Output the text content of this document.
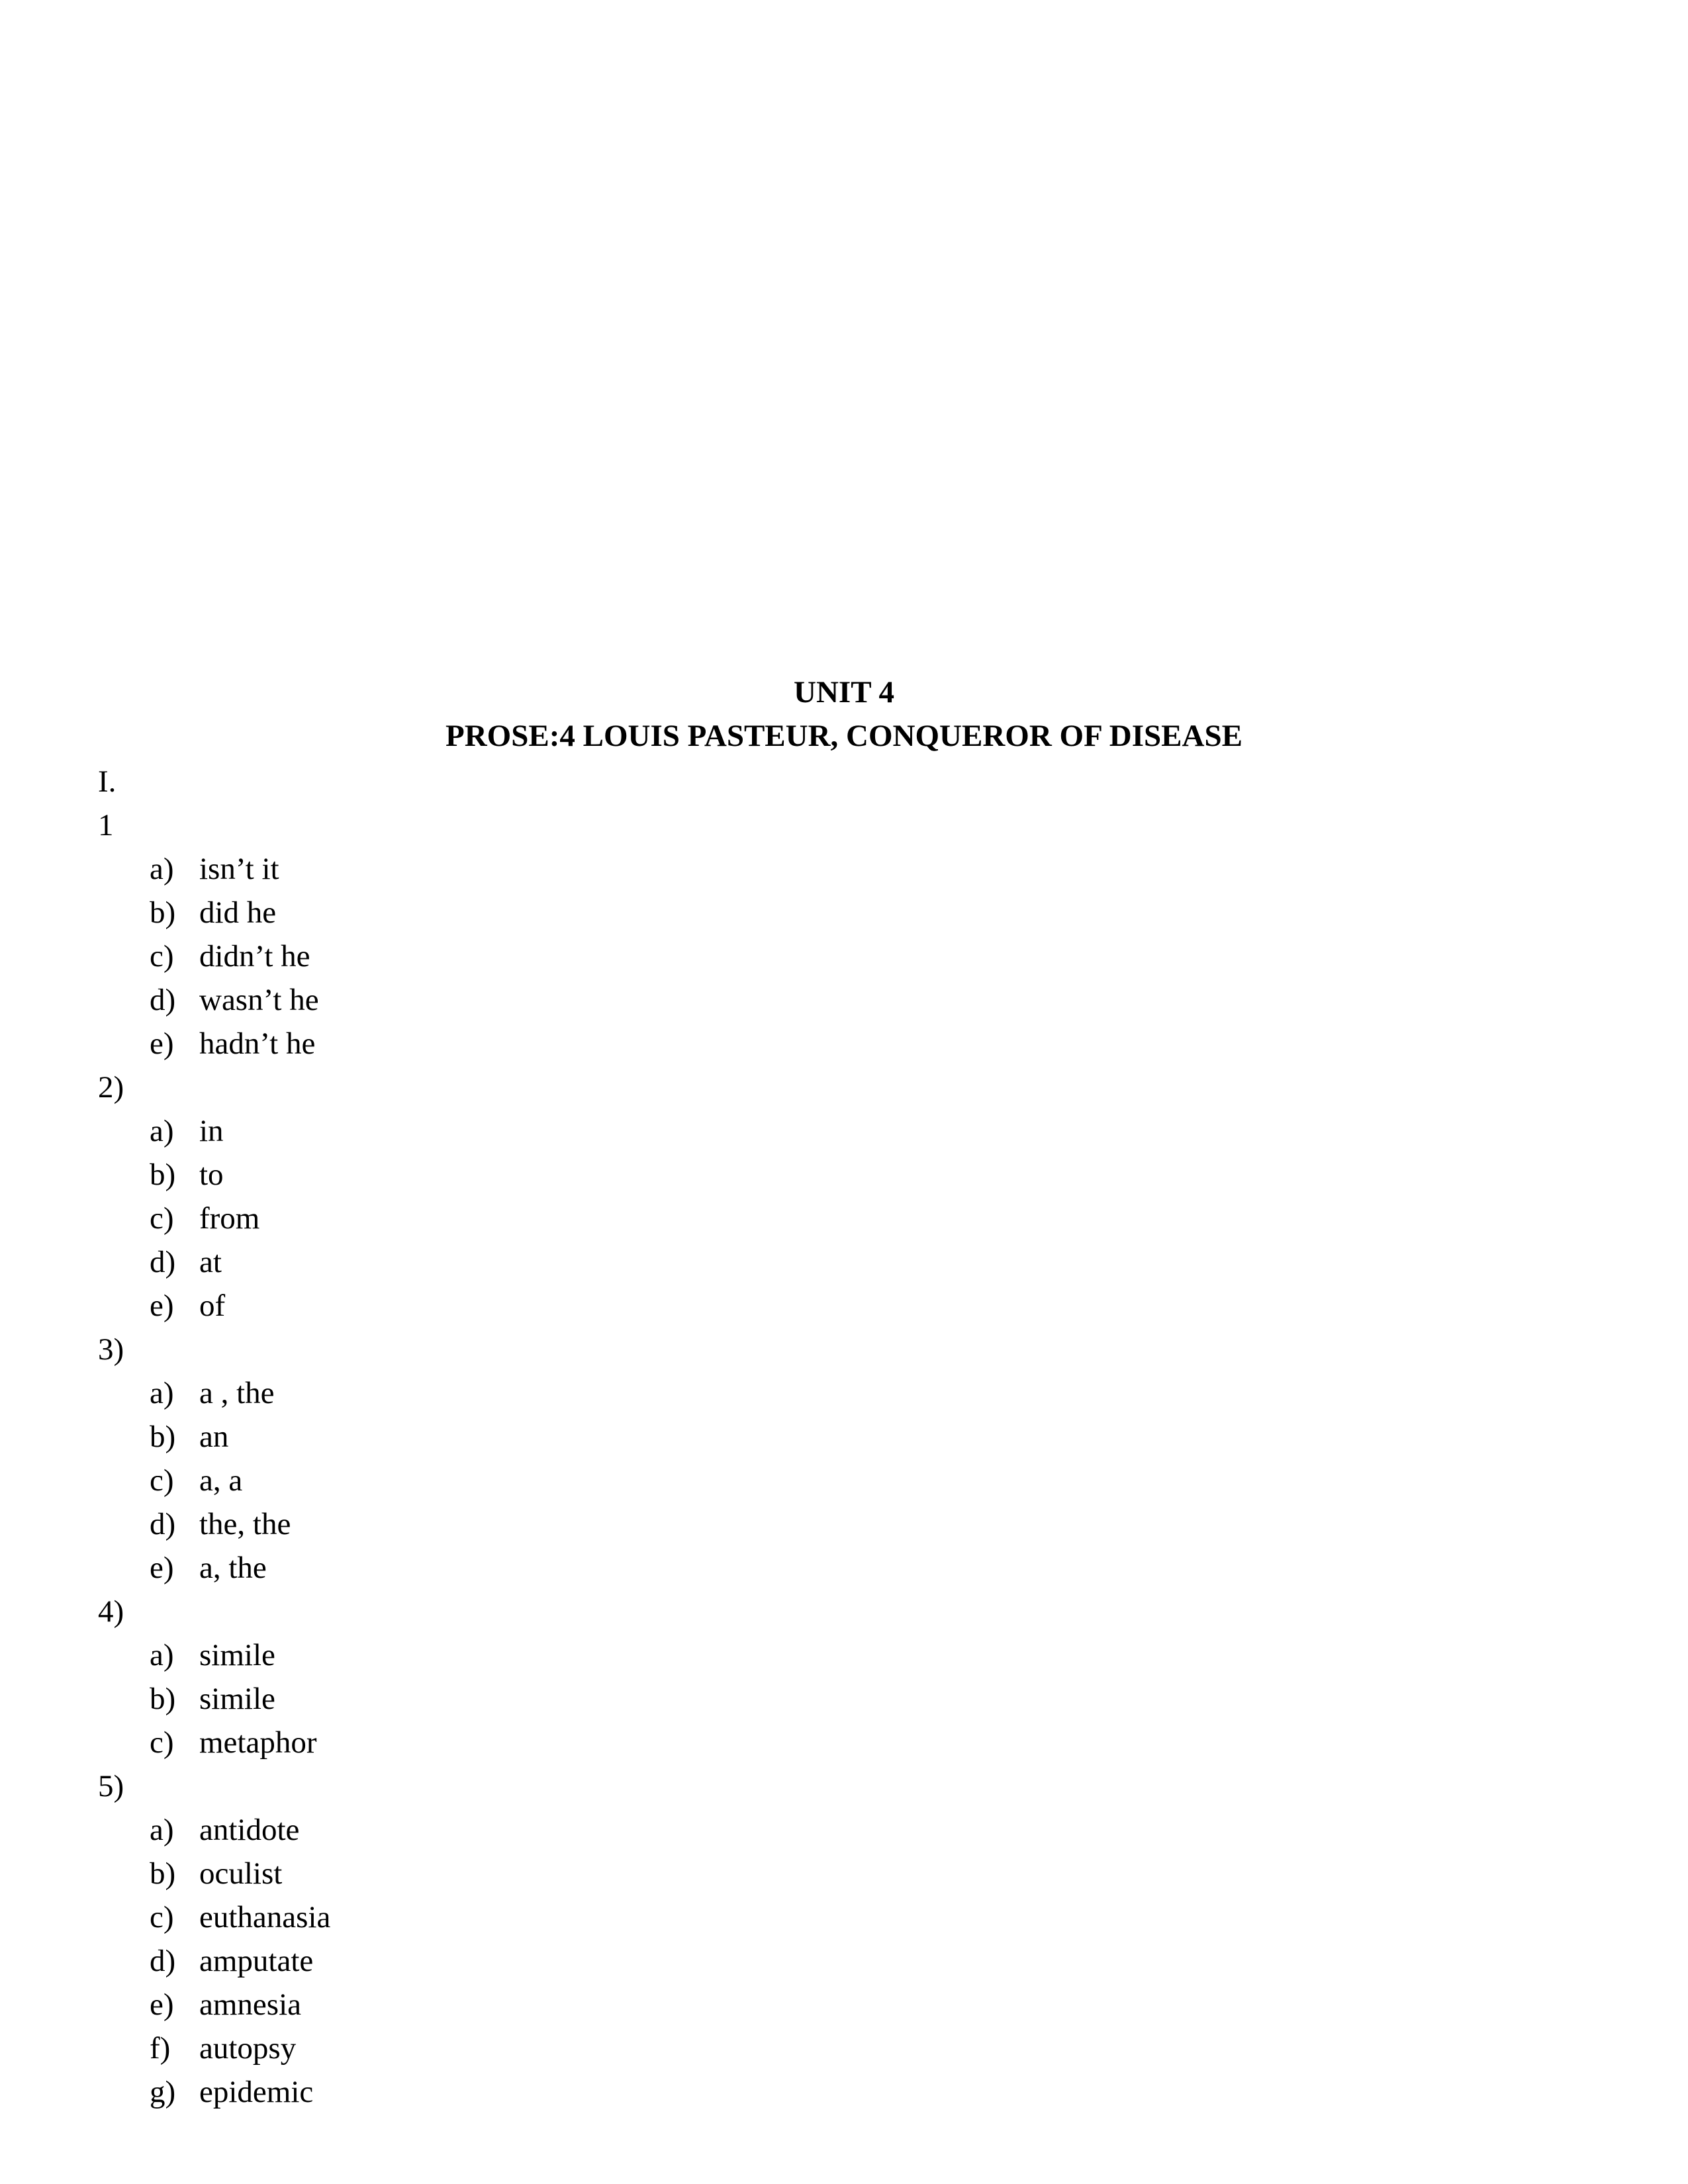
UNIT 4
PROSE:4 LOUIS PASTEUR, CONQUEROR OF DISEASE
I.
1
a) isn’t it
b) did he
c) didn’t he
d) wasn’t he
e) hadn’t he
2)
a) in
b) to
c) from
d) at
e) of
3)
a) a , the
b) an
c) a, a
d) the, the
e) a, the
4)
a) simile
b) simile
c) metaphor
5)
a) antidote
b) oculist
c) euthanasia
d) amputate
e) amnesia
f) autopsy
g) epidemic
